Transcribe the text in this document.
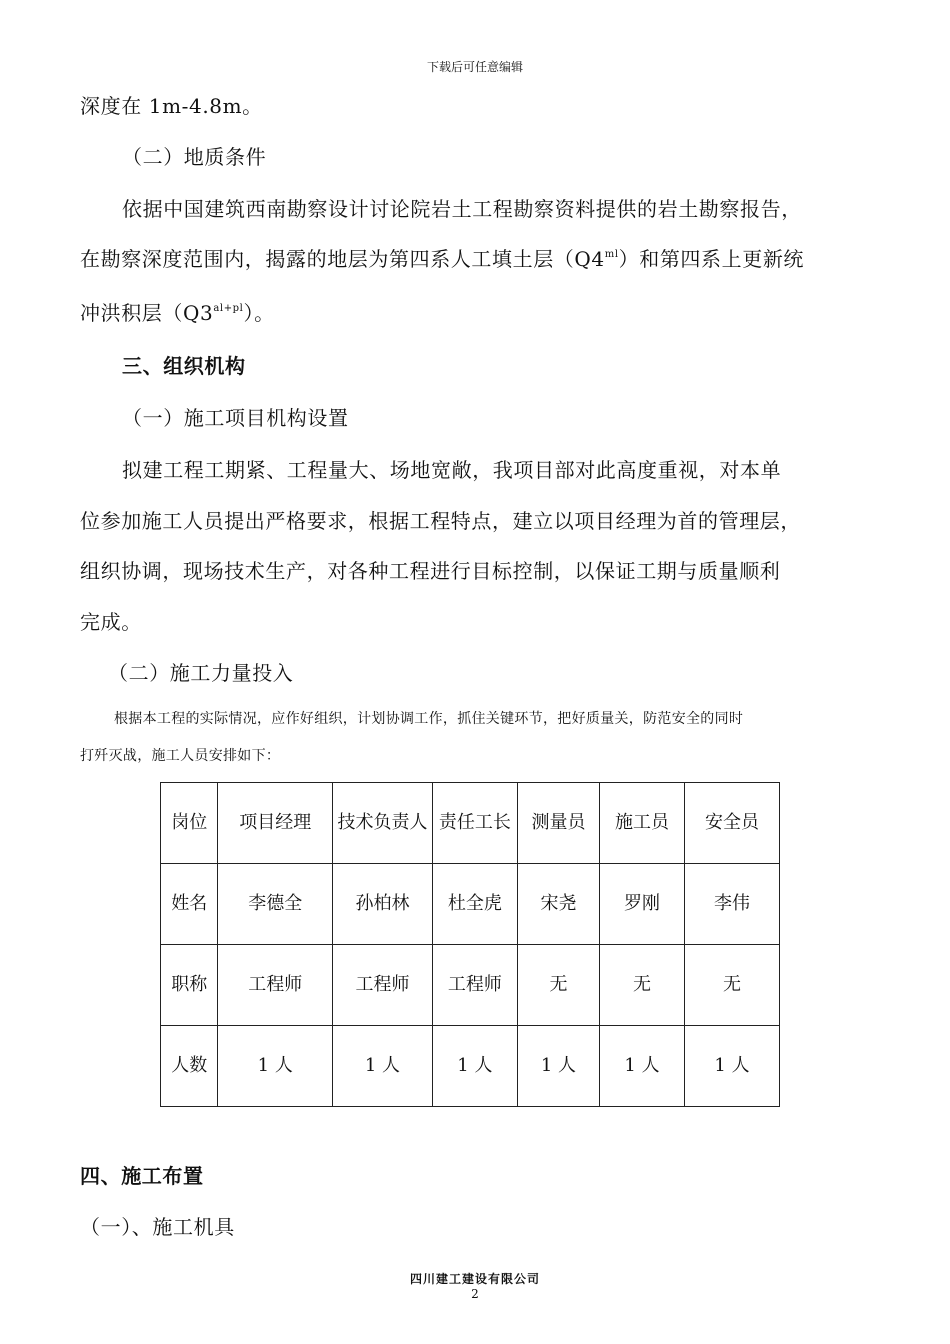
下载后可任意编辑
深度在 1m-4.8m。
（二）地质条件
依据中国建筑西南勘察设计讨论院岩土工程勘察资料提供的岩土勘察报告，
在勘察深度范围内，揭露的地层为第四系人工填土层$(Q4^{ml})$和第四系上更新统
冲洪积层$(Q3^{al+pl})$。
三、组织机构
（一）施工项目机构设置
拟建工程工期紧、工程量大、场地宽敞，我项目部对此高度重视，对本单
位参加施工人员提出严格要求，根据工程特点，建立以项目经理为首的管理层，
组织协调，现场技术生产，对各种工程进行目标控制，以保证工期与质量顺利
完成。
（二）施工力量投入
根据本工程的实际情况，应作好组织，计划协调工作，抓住关键环节，把好质量关，防范安全的同时
打歼灭战，施工人员安排如下：
岗位	项目经理	技术负责人	责任工长	测量员	施工员	安全员
姓名	李德全	孙柏林	杜全虎	宋尧	罗刚	李伟
职称	工程师	工程师	工程师	无	无	无
人数	1 人	1 人	1 人	1 人	1 人	1 人
四、施工布置
（一）、施工机具
四川建工建设有限公司
2
